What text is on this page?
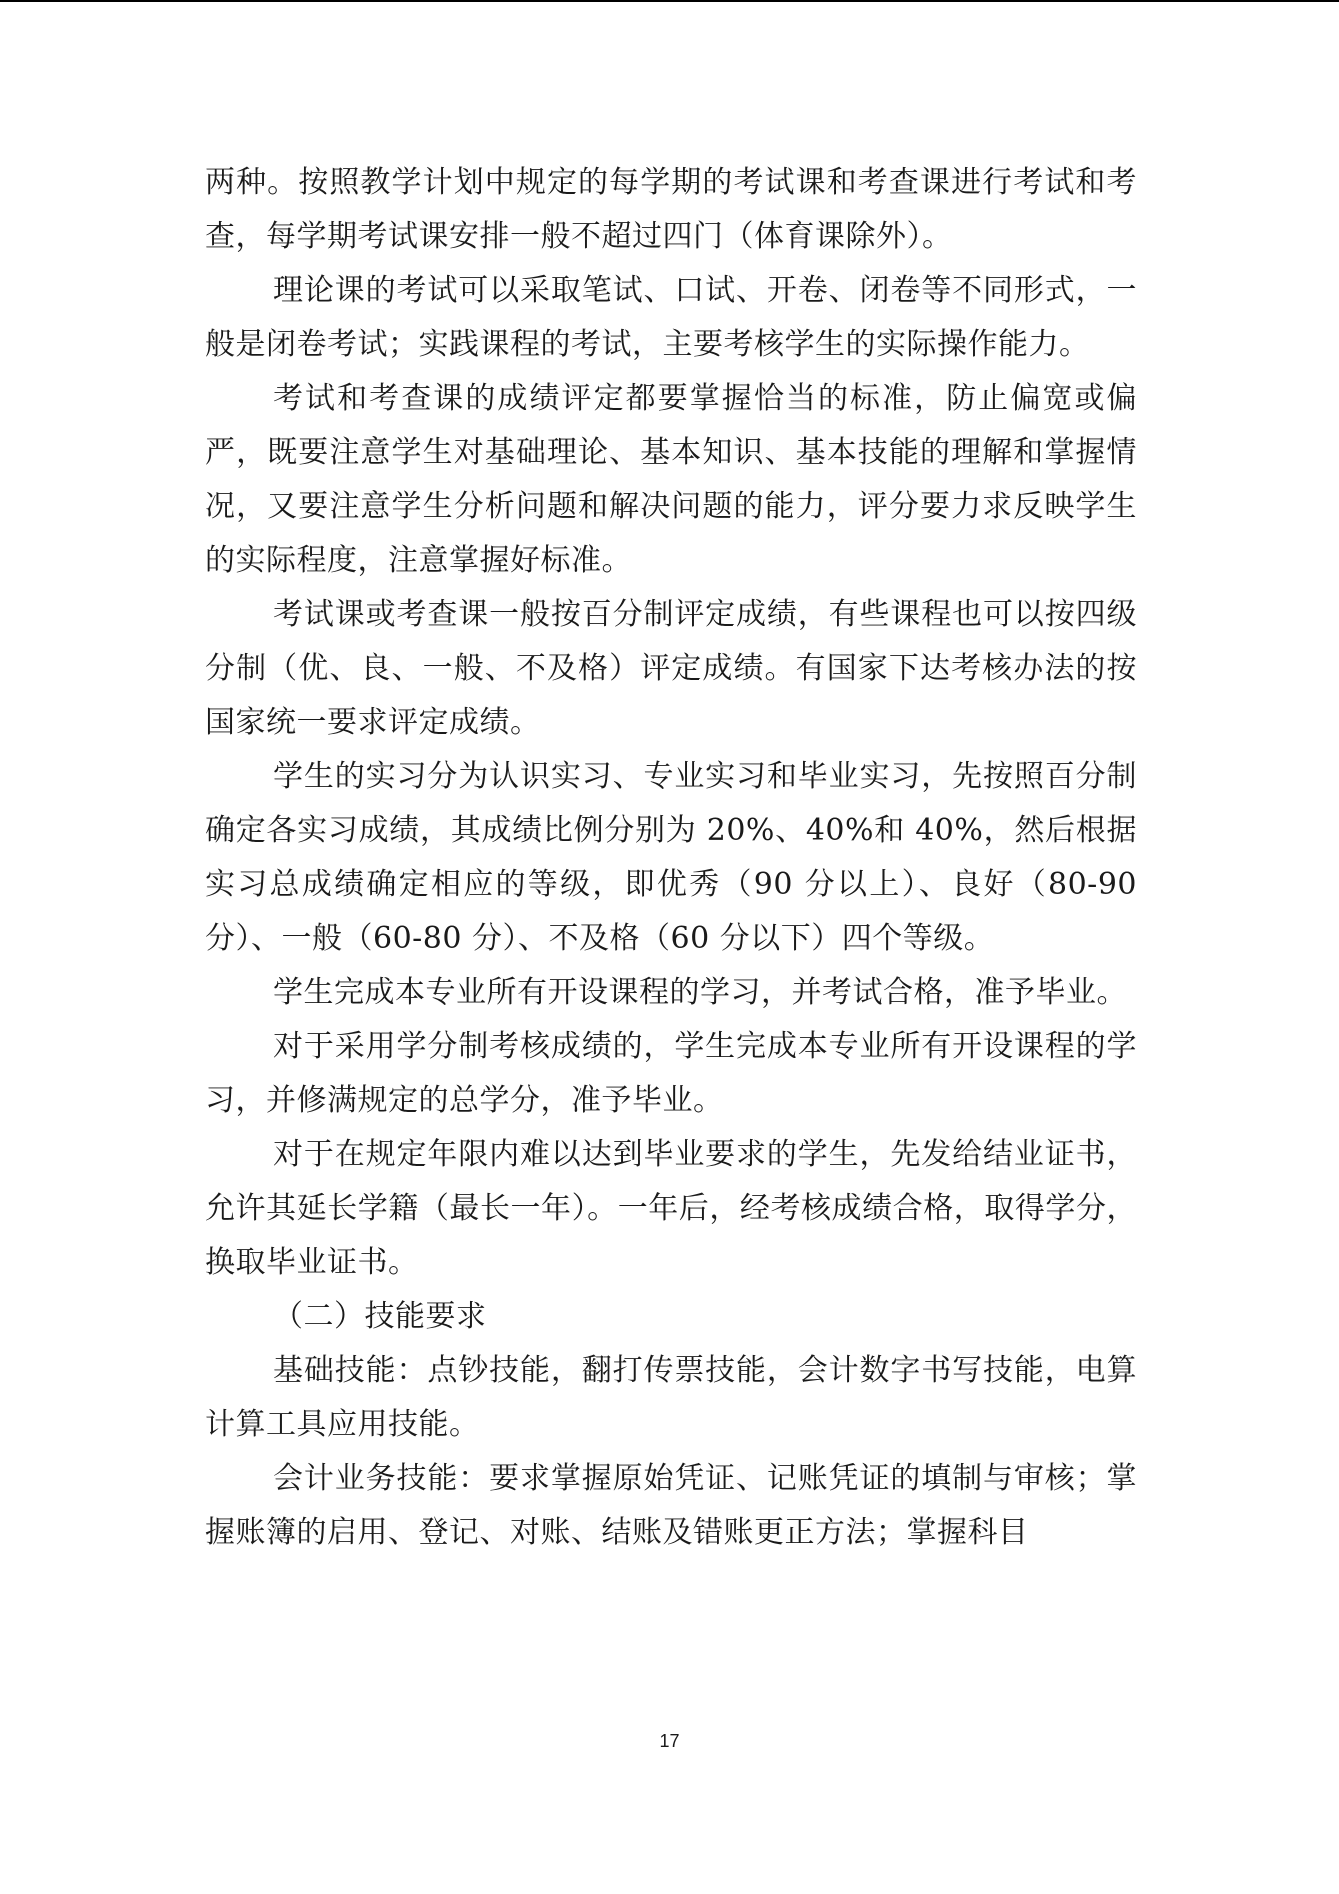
两种。按照教学计划中规定的每学期的考试课和考查课进行考试和考查，每学期考试课安排一般不超过四门（体育课除外）。

理论课的考试可以采取笔试、口试、开卷、闭卷等不同形式，一般是闭卷考试；实践课程的考试，主要考核学生的实际操作能力。

考试和考查课的成绩评定都要掌握恰当的标准，防止偏宽或偏严，既要注意学生对基础理论、基本知识、基本技能的理解和掌握情况，又要注意学生分析问题和解决问题的能力，评分要力求反映学生的实际程度，注意掌握好标准。

考试课或考查课一般按百分制评定成绩，有些课程也可以按四级分制（优、良、一般、不及格）评定成绩。有国家下达考核办法的按国家统一要求评定成绩。

学生的实习分为认识实习、专业实习和毕业实习，先按照百分制确定各实习成绩，其成绩比例分别为 20%、40%和 40%，然后根据实习总成绩确定相应的等级，即优秀（90 分以上）、良好（80-90 分）、一般（60-80 分）、不及格（60 分以下）四个等级。

学生完成本专业所有开设课程的学习，并考试合格，准予毕业。

对于采用学分制考核成绩的，学生完成本专业所有开设课程的学习，并修满规定的总学分，准予毕业。

对于在规定年限内难以达到毕业要求的学生，先发给结业证书，允许其延长学籍（最长一年）。一年后，经考核成绩合格，取得学分，换取毕业证书。

（二）技能要求

基础技能：点钞技能，翻打传票技能，会计数字书写技能，电算计算工具应用技能。

会计业务技能：要求掌握原始凭证、记账凭证的填制与审核；掌握账簿的启用、登记、对账、结账及错账更正方法；掌握科目

17
